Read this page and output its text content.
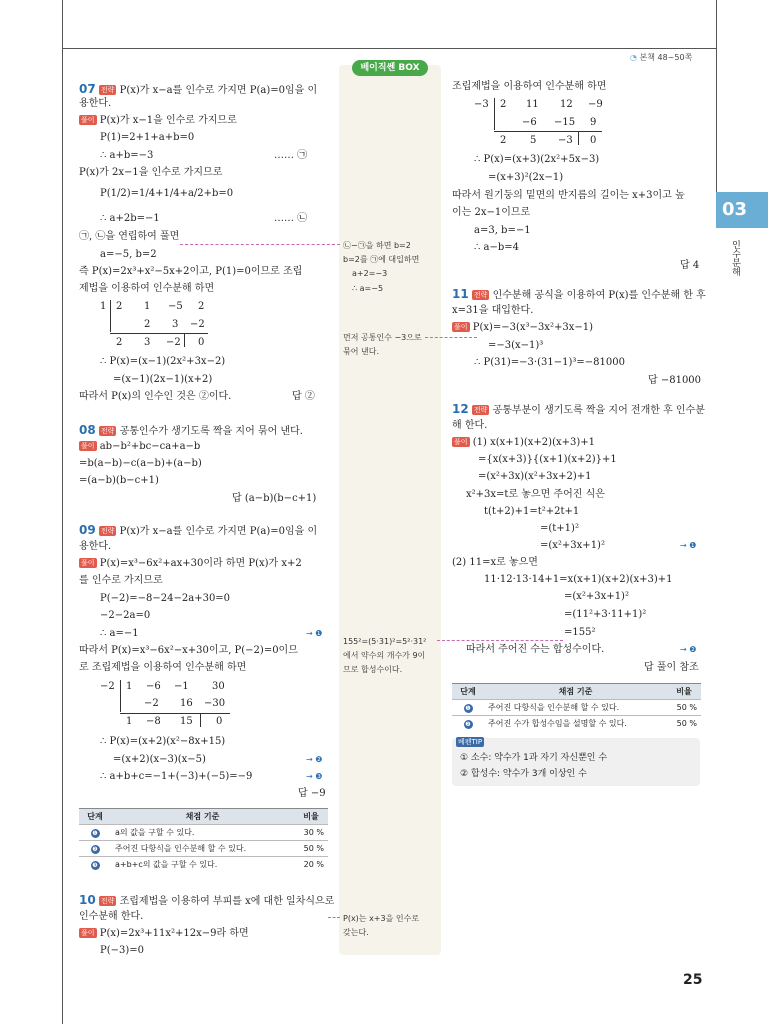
◔ 본책 48~50쪽
03
인수분해
베이직쎈 BOX
07 전략 P(x)가 x−a를 인수로 가지면 P(a)=0임을 이
용한다.
풀이 P(x)가 x−1을 인수로 가지므로
P(1)=2+1+a+b=0
∴ a+b=−3	…… ㉠
P(x)가 2x−1을 인수로 가지므로
P(1/2)=1/4+1/4+a/2+b=0
∴ a+2b=−1	…… ㉡
㉠, ㉡을 연립하여 풀면
a=−5, b=2
즉 P(x)=2x³+x²−5x+2이고, P(1)=0이므로 조립
제법을 이용하여 인수분해 하면
1 2 1 −5 2
2 3 −2
2 3 −2 0
∴ P(x)=(x−1)(2x²+3x−2)
=(x−1)(2x−1)(x+2)
따라서 P(x)의 인수인 것은 ②이다.	답 ②
08 전략 공통인수가 생기도록 짝을 지어 묶어 낸다.
풀이 ab−b²+bc−ca+a−b
=b(a−b)−c(a−b)+(a−b)
=(a−b)(b−c+1)
답 (a−b)(b−c+1)
09 전략 P(x)가 x−a를 인수로 가지면 P(a)=0임을 이
용한다.
풀이 P(x)=x³−6x²+ax+30이라 하면 P(x)가 x+2
를 인수로 가지므로
P(−2)=−8−24−2a+30=0
−2−2a=0
∴ a=−1	→ ❶
따라서 P(x)=x³−6x²−x+30이고, P(−2)=0이므
로 조립제법을 이용하여 인수분해 하면
−2 1 −6 −1 30
−2 16 −30
1 −8 15 0
∴ P(x)=(x+2)(x²−8x+15)
=(x+2)(x−3)(x−5)	→ ❷
∴ a+b+c=−1+(−3)+(−5)=−9	→ ❸
답 −9
단계	채점 기준	비율
❶	a의 값을 구할 수 있다.	30 %
❷	주어진 다항식을 인수분해 할 수 있다.	50 %
❸	a+b+c의 값을 구할 수 있다.	20 %
10 전략 조립제법을 이용하여 부피를 x에 대한 일차식으로
인수분해 한다.
풀이 P(x)=2x³+11x²+12x−9라 하면
P(−3)=0
㉡−㉠을 하면 b=2
b=2를 ㉠에 대입하면
a+2=−3
∴ a=−5
먼저 공통인수 −3으로
묶어 낸다.
155²=(5·31)²=5²·31²
에서 약수의 개수가 9이
므로 합성수이다.
P(x)는 x+3을 인수로
갖는다.
조립제법을 이용하여 인수분해 하면
−3 2 11 12 −9
−6 −15 9
2 5 −3 0
∴ P(x)=(x+3)(2x²+5x−3)
=(x+3)²(2x−1)
따라서 원기둥의 밑면의 반지름의 길이는 x+3이고 높
이는 2x−1이므로
a=3, b=−1
∴ a−b=4
답 4
11 전략 인수분해 공식을 이용하여 P(x)를 인수분해 한 후
x=31을 대입한다.
풀이 P(x)=−3(x³−3x²+3x−1)
=−3(x−1)³
∴ P(31)=−3·(31−1)³=−81000
답 −81000
12 전략 공통부분이 생기도록 짝을 지어 전개한 후 인수분
해 한다.
풀이 (1) x(x+1)(x+2)(x+3)+1
={x(x+3)}{(x+1)(x+2)}+1
=(x²+3x)(x²+3x+2)+1
x²+3x=t로 놓으면 주어진 식은
t(t+2)+1=t²+2t+1
=(t+1)²
=(x²+3x+1)²	→ ❶
(2) 11=x로 놓으면
11·12·13·14+1=x(x+1)(x+2)(x+3)+1
=(x²+3x+1)²
=(11²+3·11+1)²
=155²
따라서 주어진 수는 합성수이다.	→ ❷
답 풀이 참조
단계	채점 기준	비율
❶	주어진 다항식을 인수분해 할 수 있다.	50 %
❷	주어진 수가 합성수임을 설명할 수 있다.	50 %
베펜TIP
① 소수: 약수가 1과 자기 자신뿐인 수
② 합성수: 약수가 3개 이상인 수
25
